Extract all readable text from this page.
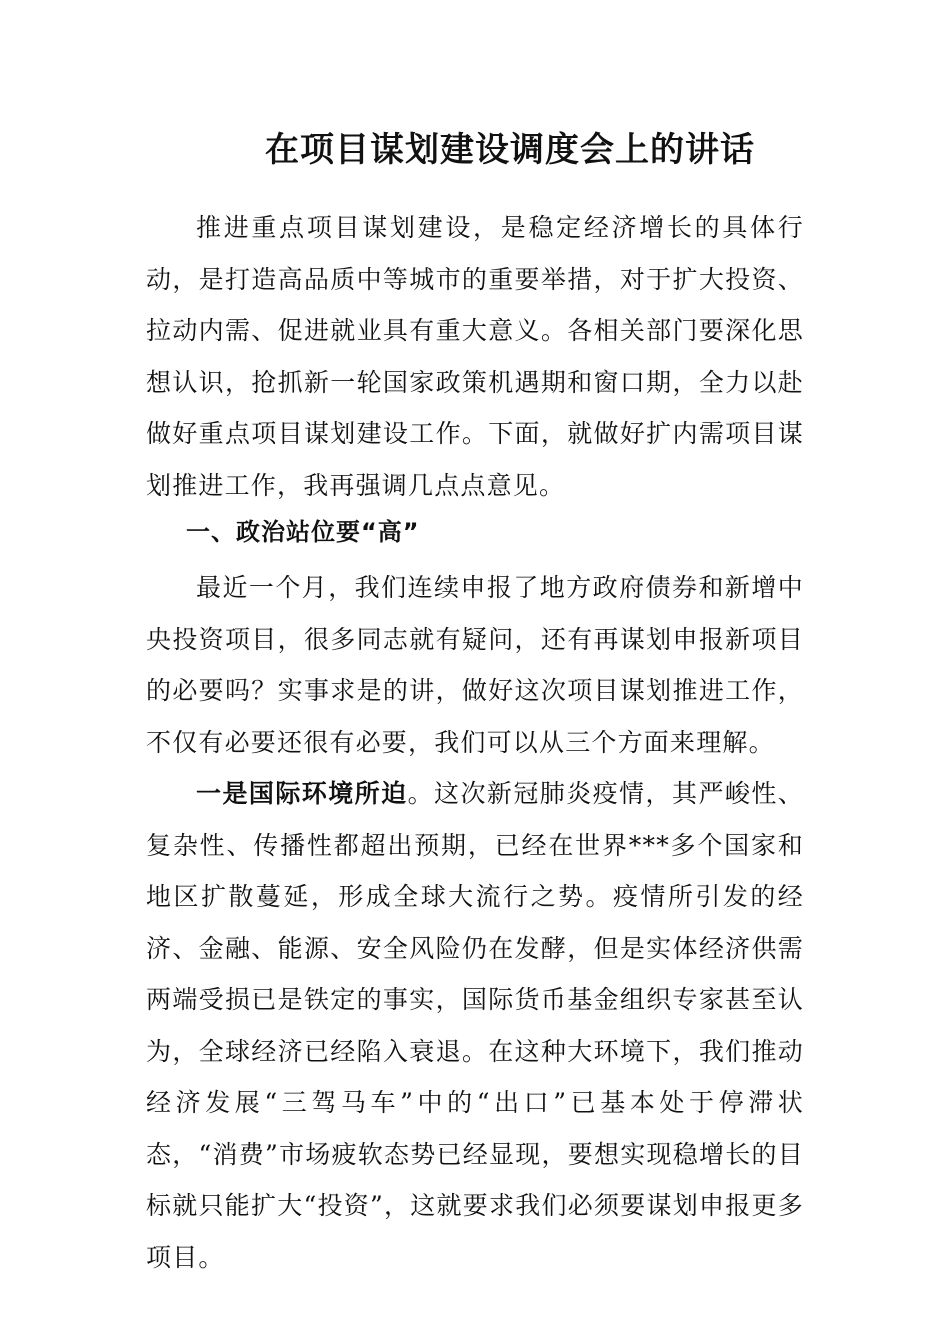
在项目谋划建设调度会上的讲话

推进重点项目谋划建设，是稳定经济增长的具体行动，是打造高品质中等城市的重要举措，对于扩大投资、拉动内需、促进就业具有重大意义。各相关部门要深化思想认识，抢抓新一轮国家政策机遇期和窗口期，全力以赴做好重点项目谋划建设工作。下面，就做好扩内需项目谋划推进工作，我再强调几点点意见。

一、政治站位要“高”

最近一个月，我们连续申报了地方政府债券和新增中央投资项目，很多同志就有疑问，还有再谋划申报新项目的必要吗？实事求是的讲，做好这次项目谋划推进工作，不仅有必要还很有必要，我们可以从三个方面来理解。

一是国际环境所迫。这次新冠肺炎疫情，其严峻性、复杂性、传播性都超出预期，已经在世界***多个国家和地区扩散蔓延，形成全球大流行之势。疫情所引发的经济、金融、能源、安全风险仍在发酵，但是实体经济供需两端受损已是铁定的事实，国际货币基金组织专家甚至认为，全球经济已经陷入衰退。在这种大环境下，我们推动经济发展“三驾马车”中的“出口”已基本处于停滞状态，“消费”市场疲软态势已经显现，要想实现稳增长的目标就只能扩大“投资”，这就要求我们必须要谋划申报更多项目。
